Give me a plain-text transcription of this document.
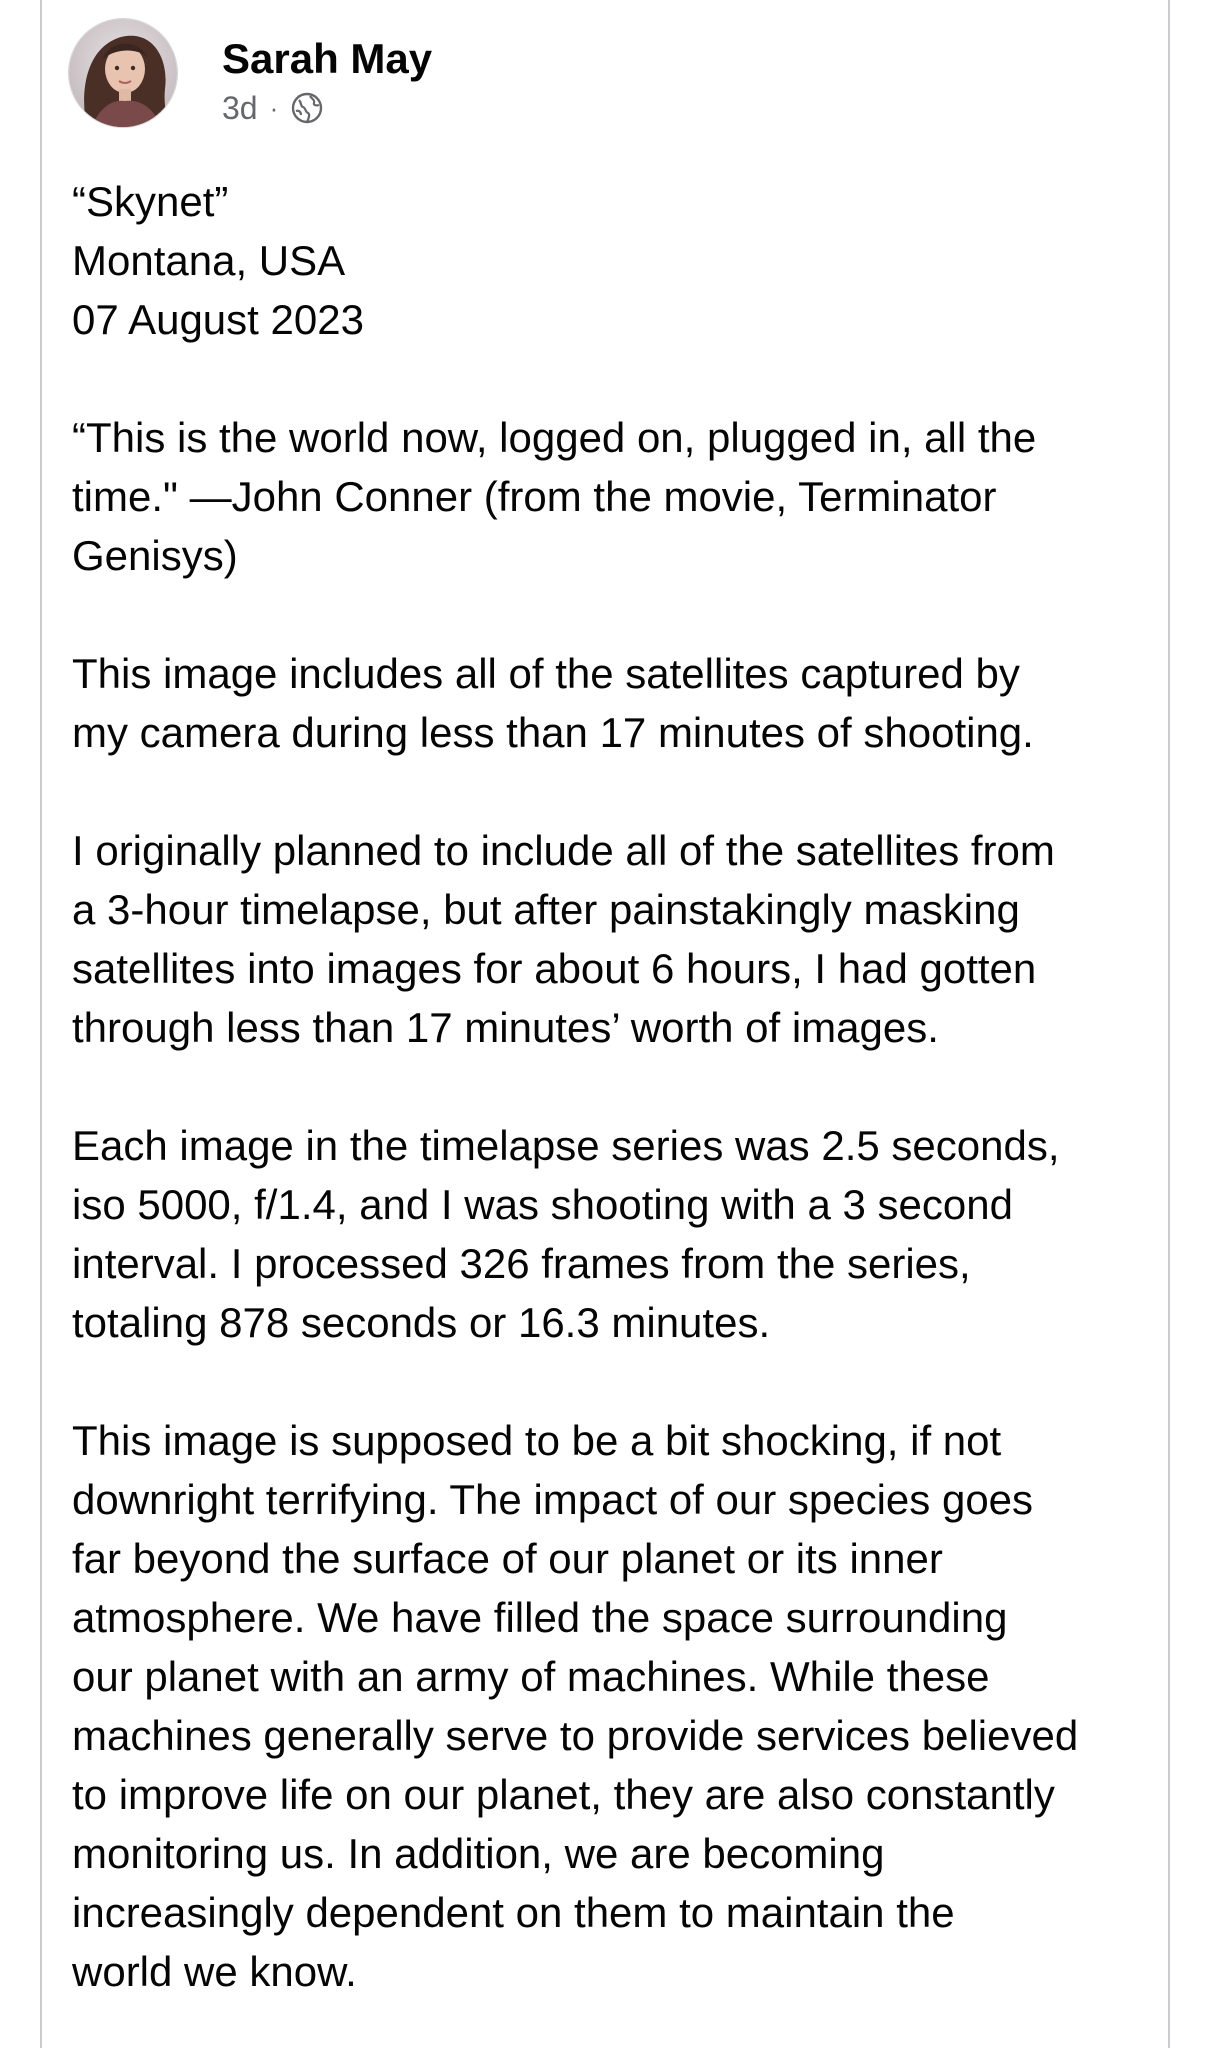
Sarah May
3d ·

“Skynet”
Montana, USA
07 August 2023

“This is the world now, logged on, plugged in, all the
time." —John Conner (from the movie, Terminator
Genisys)

This image includes all of the satellites captured by
my camera during less than 17 minutes of shooting.

I originally planned to include all of the satellites from
a 3-hour timelapse, but after painstakingly masking
satellites into images for about 6 hours, I had gotten
through less than 17 minutes’ worth of images.

Each image in the timelapse series was 2.5 seconds,
iso 5000, f/1.4, and I was shooting with a 3 second
interval. I processed 326 frames from the series,
totaling 878 seconds or 16.3 minutes.

This image is supposed to be a bit shocking, if not
downright terrifying. The impact of our species goes
far beyond the surface of our planet or its inner
atmosphere. We have filled the space surrounding
our planet with an army of machines. While these
machines generally serve to provide services believed
to improve life on our planet, they are also constantly
monitoring us. In addition, we are becoming
increasingly dependent on them to maintain the
world we know.
